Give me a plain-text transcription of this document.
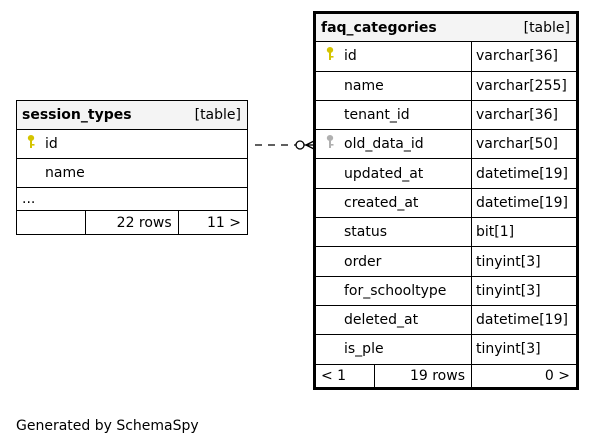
faq_categories [table]		

id		varchar[36]
name		varchar[255]
tenant_id		varchar[36]
old_data_id		varchar[50]
updated_at		datetime[19]
created_at		datetime[19]
status		bit[1]
order		tinyint[3]
for_schooltype		tinyint[3]
deleted_at		datetime[19]
is_ple		tinyint[3]
< 1	19 rows	0 >
session_types	[table]

id
name
...
	22 rows	11 >
Generated by SchemaSpy
